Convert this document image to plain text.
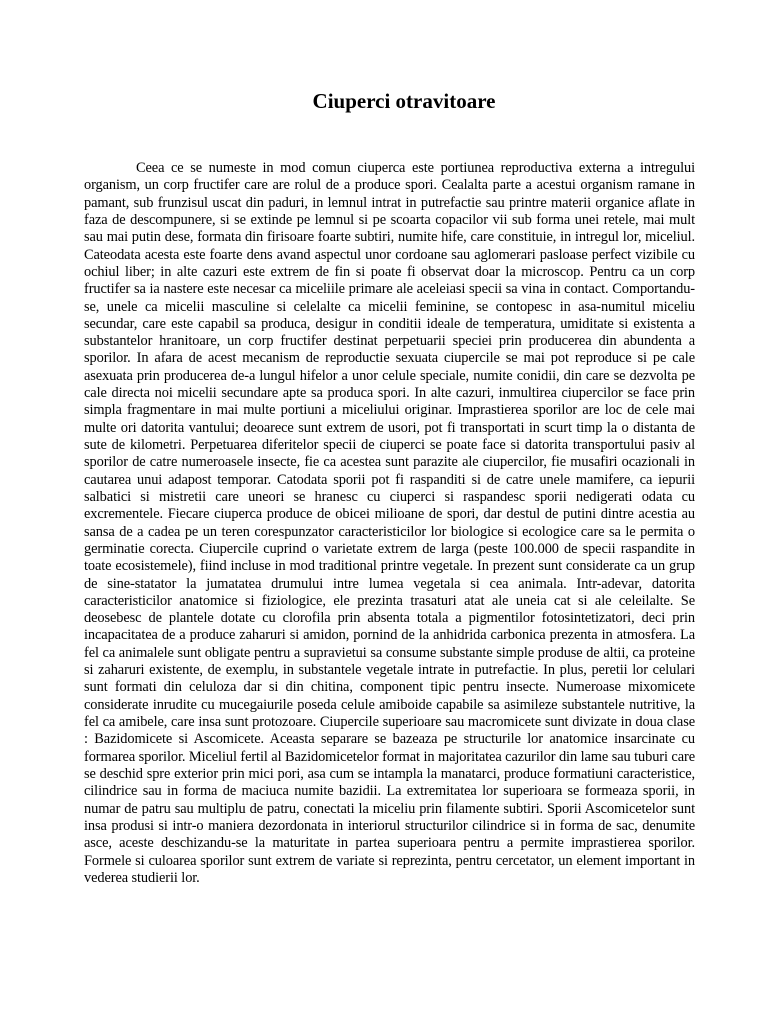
Ciuperci otravitoare

Ceea ce se numeste in mod comun ciuperca este portiunea reproductiva externa a intregului organism, un corp fructifer care are rolul de a produce spori. Cealalta parte a acestui organism ramane in pamant, sub frunzisul uscat din paduri, in lemnul intrat in putrefactie sau printre materii organice aflate in faza de descompunere, si se extinde pe lemnul si pe scoarta copacilor vii sub forma unei retele, mai mult sau mai putin dese, formata din firisoare foarte subtiri, numite hife, care constituie, in intregul lor, miceliul. Cateodata acesta este foarte dens avand aspectul unor cordoane sau aglomerari pasloase perfect vizibile cu ochiul liber; in alte cazuri este extrem de fin si poate fi observat doar la microscop. Pentru ca un corp fructifer sa ia nastere este necesar ca miceliile primare ale aceleiasi specii sa vina in contact. Comportandu-se, unele ca micelii masculine si celelalte ca micelii feminine, se contopesc in asa-numitul miceliu secundar, care este capabil sa produca, desigur in conditii ideale de temperatura, umiditate si existenta a substantelor hranitoare, un corp fructifer destinat perpetuarii speciei prin producerea din abundenta a sporilor. In afara de acest mecanism de reproductie sexuata ciupercile se mai pot reproduce si pe cale asexuata prin producerea de-a lungul hifelor a unor celule speciale, numite conidii, din care se dezvolta pe cale directa noi micelii secundare apte sa produca spori. In alte cazuri, inmultirea ciupercilor se face prin simpla fragmentare in mai multe portiuni a miceliului originar. Imprastierea sporilor are loc de cele mai multe ori datorita vantului; deoarece sunt extrem de usori, pot fi transportati in scurt timp la o distanta de sute de kilometri. Perpetuarea diferitelor specii de ciuperci se poate face si datorita transportului pasiv al sporilor de catre numeroasele insecte, fie ca acestea sunt parazite ale ciupercilor, fie musafiri ocazionali in cautarea unui adapost temporar. Catodata sporii pot fi raspanditi si de catre unele mamifere, ca iepurii salbatici si mistretii care uneori se hranesc cu ciuperci si raspandesc sporii nedigerati odata cu excrementele. Fiecare ciuperca produce de obicei milioane de spori, dar destul de putini dintre acestia au sansa de a cadea pe un teren corespunzator caracteristicilor lor biologice si ecologice care sa le permita o germinatie corecta. Ciupercile cuprind o varietate extrem de larga (peste 100.000 de specii raspandite in toate ecosistemele), fiind incluse in mod traditional printre vegetale. In prezent sunt considerate ca un grup de sine-statator la jumatatea drumului intre lumea vegetala si cea animala. Intr-adevar, datorita caracteristicilor anatomice si fiziologice, ele prezinta trasaturi atat ale uneia cat si ale celeilalte. Se deosebesc de plantele dotate cu clorofila prin absenta totala a pigmentilor fotosintetizatori, deci prin incapacitatea de a produce zaharuri si amidon, pornind de la anhidrida carbonica prezenta in atmosfera. La fel ca animalele sunt obligate pentru a supravietui sa consume substante simple produse de altii, ca proteine si zaharuri existente, de exemplu, in substantele vegetale intrate in putrefactie. In plus, peretii lor celulari sunt formati din celuloza dar si din chitina, component tipic pentru insecte. Numeroase mixomicete considerate inrudite cu mucegaiurile poseda celule amiboide capabile sa asimileze substantele nutritive, la fel ca amibele, care insa sunt protozoare. Ciupercile superioare sau macromicete sunt divizate in doua clase : Bazidomicete si Ascomicete. Aceasta separare se bazeaza pe structurile lor anatomice insarcinate cu formarea sporilor. Miceliul fertil al Bazidomicetelor format in majoritatea cazurilor din lame sau tuburi care se deschid spre exterior prin mici pori, asa cum se intampla la manatarci, produce formatiuni caracteristice, cilindrice sau in forma de maciuca numite bazidii. La extremitatea lor superioara se formeaza sporii, in numar de patru sau multiplu de patru, conectati la miceliu prin filamente subtiri. Sporii Ascomicetelor sunt insa produsi si intr-o maniera dezordonata in interiorul structurilor cilindrice si in forma de sac, denumite asce, aceste deschizandu-se la maturitate in partea superioara pentru a permite imprastierea sporilor. Formele si culoarea sporilor sunt extrem de variate si reprezinta, pentru cercetator, un element important in vederea studierii lor.
